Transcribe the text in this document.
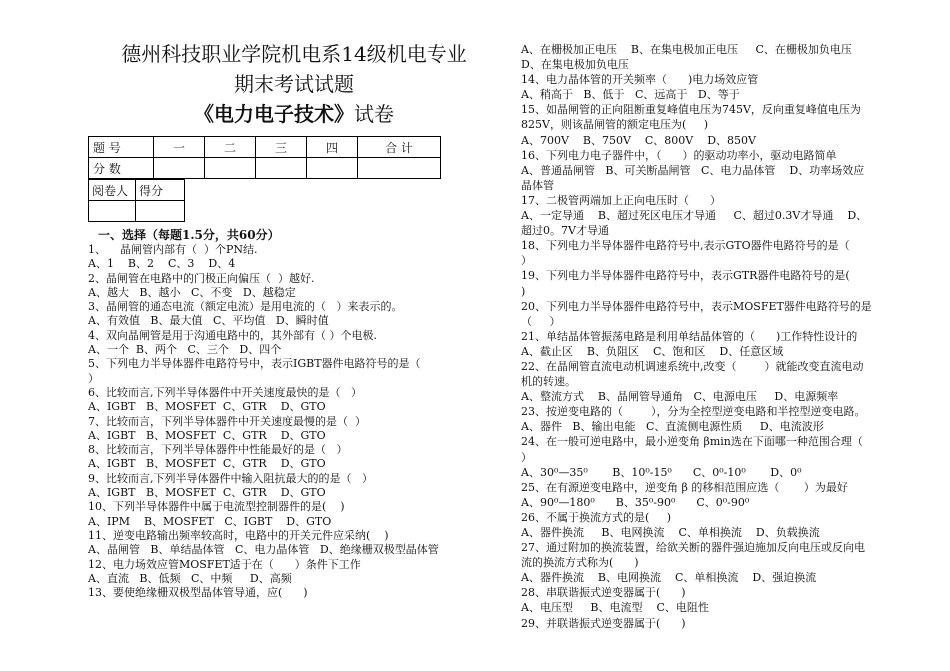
德州科技职业学院机电系14级机电专业
期末考试试题
《电力电子技术》试卷
题 号	一	二	三	四	合 计
分 数					
阅卷人	得分

一、选择（每题1.5分，共60分）
1、    晶闸管内部有（  ）个PN结.
A、1    B、2    C、3    D、4
2、晶闸管在电路中的门极正向偏压（  ）越好.
A、越大   B、越小   C、不变   D、越稳定
3、晶闸管的通态电流（额定电流）是用电流的（   ）来表示的。
A、有效值   B、最大值   C、平均值   D、瞬时值
4、双向晶闸管是用于沟通电路中的，其外部有（ ）个电极.
A、一个  B、两个   C、三个   D、四个
5、下列电力半导体器件电路符号中，表示IGBT器件电路符号的是（
）
6、比较而言,下列半导体器件中开关速度最快的是（   ）
A、IGBT   B、MOSFET  C、GTR    D、GTO
7、比较而言，下列半导体器件中开关速度最慢的是（  ）
A、IGBT   B、MOSFET  C、GTR    D、GTO
8、比较而言，下列半导体器件中性能最好的是（   ）
A、IGBT   B、MOSFET  C、GTR    D、GTO
9、比较而言,下列半导体器件中输入阻抗最大的的是（   ）
A、IGBT   B、MOSFET  C、GTR    D、GTO
10、下列半导体器件中属于电流型控制器件的是(    )
A、IPM    B、MOSFET   C、IGBT    D、GTO
11、逆变电路输出频率较高时，电路中的开关元件应采纳(    )
A、晶闸管   B、单结晶体管   C、电力晶体管   D、绝缘栅双极型晶体管
12、电力场效应管MOSFET适于在（      ）条件下工作
A、直流   B、低频   C、中频     D、高频
13、要使绝缘栅双极型晶体管导通，应(      )
A、在栅极加正电压    B、在集电极加正电压     C、在栅极加负电压
D、在集电极加负电压
14、电力晶体管的开关频率（      )电力场效应管
A、稍高于   B、低于   C、远高于   D、等于
15、如晶闸管的正向阻断重复峰值电压为745V，反向重复峰值电压为
825V，则该晶闸管的额定电压为(     )
A、700V    B、750V    C、800V    D、850V
16、下列电力电子器件中，（      ）的驱动功率小，驱动电路简单
A、普通晶闸管   B、可关断晶闸管   C、电力晶体管    D、功率场效应
晶体管
17、二极管两端加上正向电压时（      ）
A、一定导通    B、超过死区电压才导通     C、超过0.3V才导通    D、
超过0。7V才导通
18、下列电力半导体器件电路符号中,表示GTO器件电路符号的是（
）
19、下列电力半导体器件电路符号中，表示GTR器件电路符号的是(
)
20、下列电力半导体器件电路符号中，表示MOSFET器件电路符号的是
（     ）
21、单结晶体管振荡电路是利用单结晶体管的（      )工作特性设计的
A、截止区    B、负阻区    C、饱和区    D、任意区域
22、在晶闸管直流电动机调速系统中,改变（        ）就能改变直流电动
机的转速。
A、整流方式    B、晶闸管导通角   C、电源电压     D、电源频率
23、按逆变电路的（        ），分为全控型逆变电路和半控型逆变电路。
A、器件   B、输出电能   C、直流侧电源性质     D、电流波形
24、在一般可逆电路中，最小逆变角 βmin选在下面哪一种范围合理（
）
A、30⁰—35⁰       B、10⁰-15⁰      C、0⁰-10⁰       D、0⁰
25、在有源逆变电路中，逆变角 β 的移相范围应选（       ）为最好
A、90⁰—180⁰      B、35⁰-90⁰      C、0⁰-90⁰
26、不属于换流方式的是(     )
A、器件换流     B、电网换流    C、单相换流    D、负载换流
27、通过附加的换流装置，给欲关断的器件强迫施加反向电压或反向电
流的换流方式称为(      )
A、器件换流    B、电网换流    C、单相换流    D、强迫换流
28、串联谐振式逆变器属于(      )
A、电压型     B、电流型    C、电阻性
29、并联谐振式逆变器属于(      )
